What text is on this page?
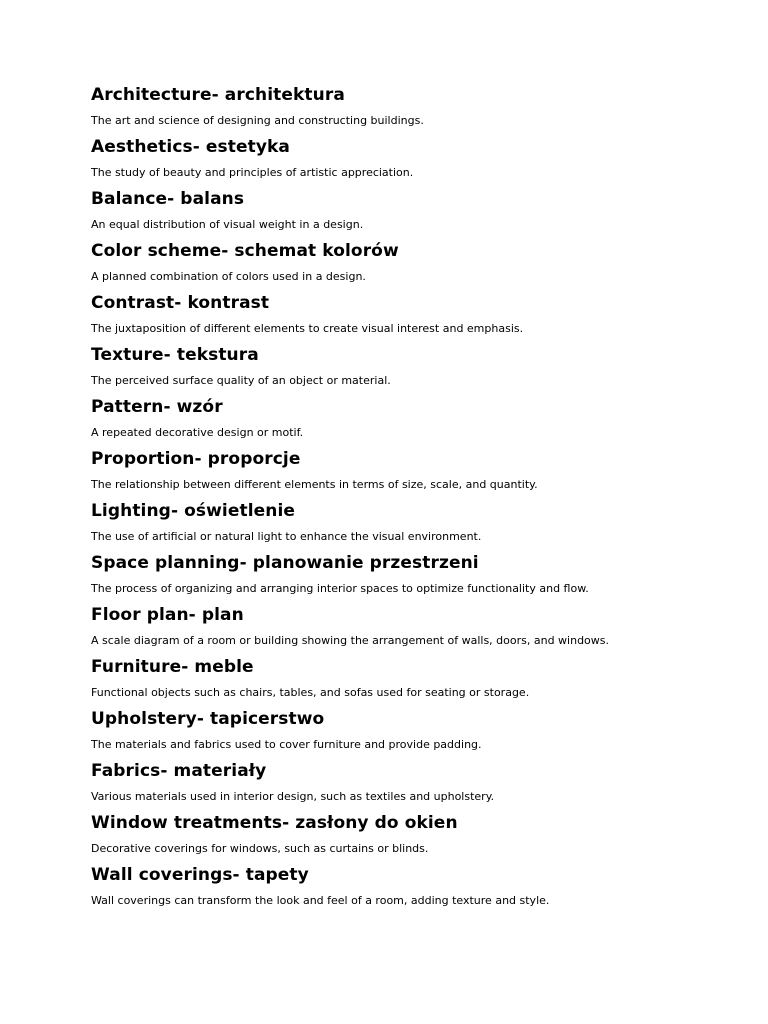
Architecture- architektura
The art and science of designing and constructing buildings.
Aesthetics- estetyka
The study of beauty and principles of artistic appreciation.
Balance- balans
An equal distribution of visual weight in a design.
Color scheme- schemat kolorów
A planned combination of colors used in a design.
Contrast- kontrast
The juxtaposition of different elements to create visual interest and emphasis.
Texture- tekstura
The perceived surface quality of an object or material.
Pattern- wzór
A repeated decorative design or motif.
Proportion- proporcje
The relationship between different elements in terms of size, scale, and quantity.
Lighting- oświetlenie
The use of artificial or natural light to enhance the visual environment.
Space planning- planowanie przestrzeni
The process of organizing and arranging interior spaces to optimize functionality and flow.
Floor plan- plan
A scale diagram of a room or building showing the arrangement of walls, doors, and windows.
Furniture- meble
Functional objects such as chairs, tables, and sofas used for seating or storage.
Upholstery- tapicerstwo
The materials and fabrics used to cover furniture and provide padding.
Fabrics- materiały
Various materials used in interior design, such as textiles and upholstery.
Window treatments- zasłony do okien
Decorative coverings for windows, such as curtains or blinds.
Wall coverings- tapety
Wall coverings can transform the look and feel of a room, adding texture and style.
